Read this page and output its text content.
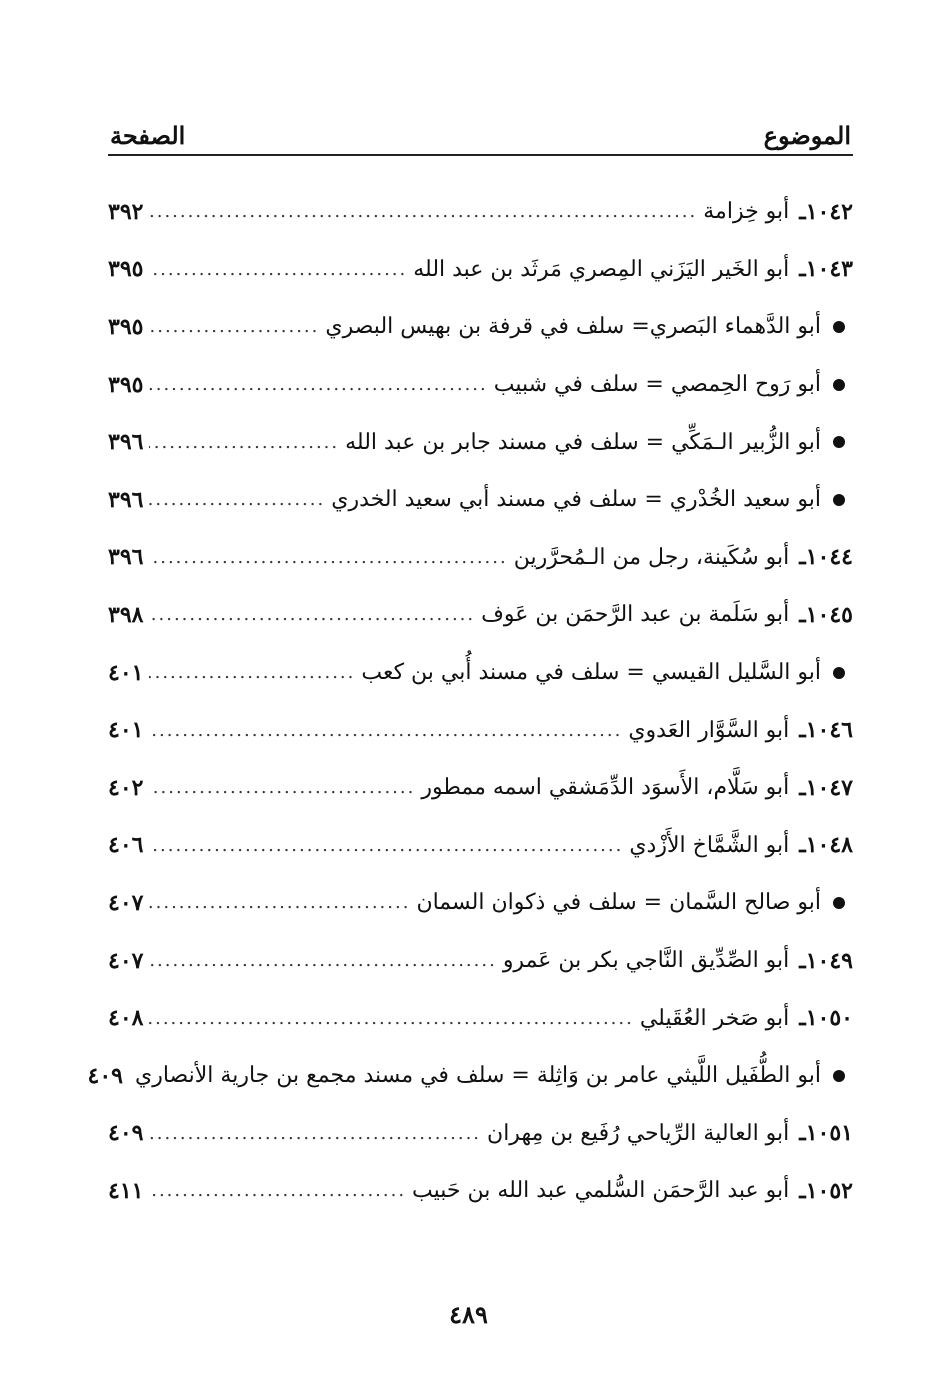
الموضوع
الصفحة
١٠٤٢ـ
أبو خِزامة
.....
٣٩٢
١٠٤٣ـ
أبو الخَير اليَزَني المِصري مَرثَد بن عبد الله
.....
٣٩٥
أبو الدَّهماء البَصري= سلف في قرفة بن بهيس البصري
.....
٣٩٥
أبو رَوح الحِمصي = سلف في شبيب
.....
٣٩٥
أبو الزُّبير الـمَكِّي = سلف في مسند جابر بن عبد الله
.....
٣٩٦
أبو سعيد الخُدْري = سلف في مسند أبي سعيد الخدري
.....
٣٩٦
١٠٤٤ـ
أبو سُكَينة، رجل من الـمُحرَّرين
.....
٣٩٦
١٠٤٥ـ
أبو سَلَمة بن عبد الرَّحمَن بن عَوف
.....
٣٩٨
أبو السَّليل القيسي = سلف في مسند أُبي بن كعب
.....
٤٠١
١٠٤٦ـ
أبو السَّوَّار العَدوي
.....
٤٠١
١٠٤٧ـ
أبو سَلَّام، الأَسوَد الدِّمَشقي اسمه ممطور
.....
٤٠٢
١٠٤٨ـ
أبو الشَّمَّاخ الأَزْدي
.....
٤٠٦
أبو صالح السَّمان = سلف في ذكوان السمان
.....
٤٠٧
١٠٤٩ـ
أبو الصِّدِّيق النَّاجي بكر بن عَمرو
.....
٤٠٧
١٠٥٠ـ
أبو صَخر العُقَيلي
.....
٤٠٨
أبو الطُّفَيل اللَّيثي عامر بن وَاثِلة = سلف في مسند مجمع بن جارية الأنصاري
٤٠٩
١٠٥١ـ
أبو العالية الرِّياحي رُفَيع بن مِهران
.....
٤٠٩
١٠٥٢ـ
أبو عبد الرَّحمَن السُّلمي عبد الله بن حَبيب
.....
٤١١
٤٨٩
